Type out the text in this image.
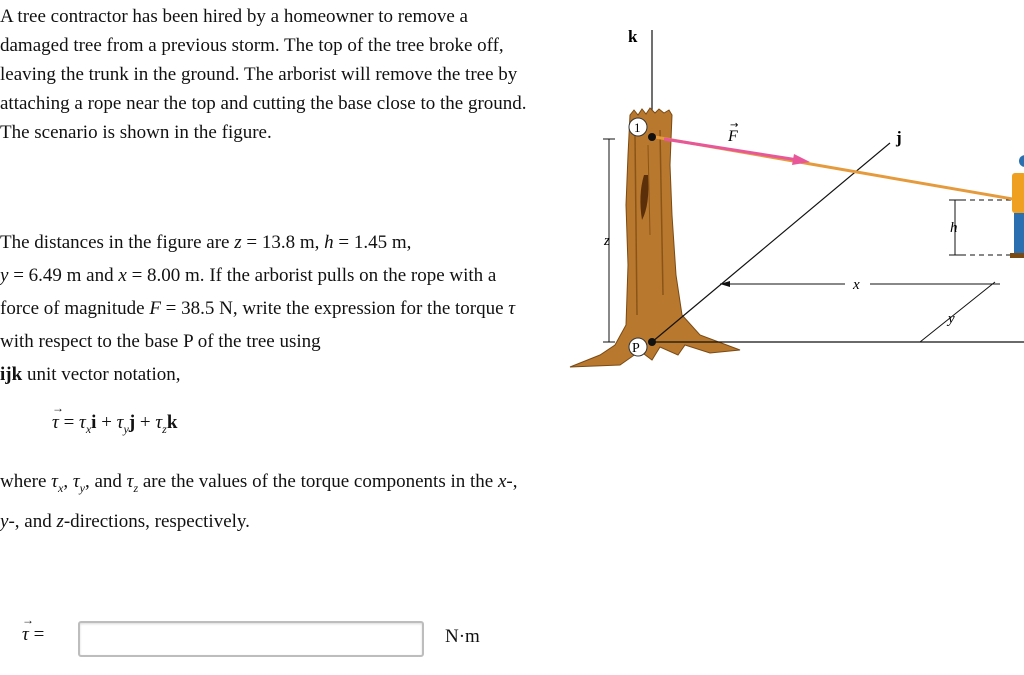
A tree contractor has been hired by a homeowner to remove a damaged tree from a previous storm. The top of the tree broke off, leaving the trunk in the ground. The arborist will remove the tree by attaching a rope near the top and cutting the base close to the ground. The scenario is shown in the figure.

The distances in the figure are z = 13.8 m, h = 1.45 m,
y = 6.49 m and x = 8.00 m. If the arborist pulls on the rope with a force of magnitude F = 38.5 N, write the expression for the torque τ with respect to the base P of the tree using
ijk unit vector notation,

→ $\tau = \tau_xi + \tau_yj + \tau_zk$

where $\tau_x$, $\tau_y$, and $\tau_z$ are the values of the torque components in the x-, y-, and z-directions, respectively.

→ τ =	N·m
k
z
j
x
y
h
F
→
1
P
